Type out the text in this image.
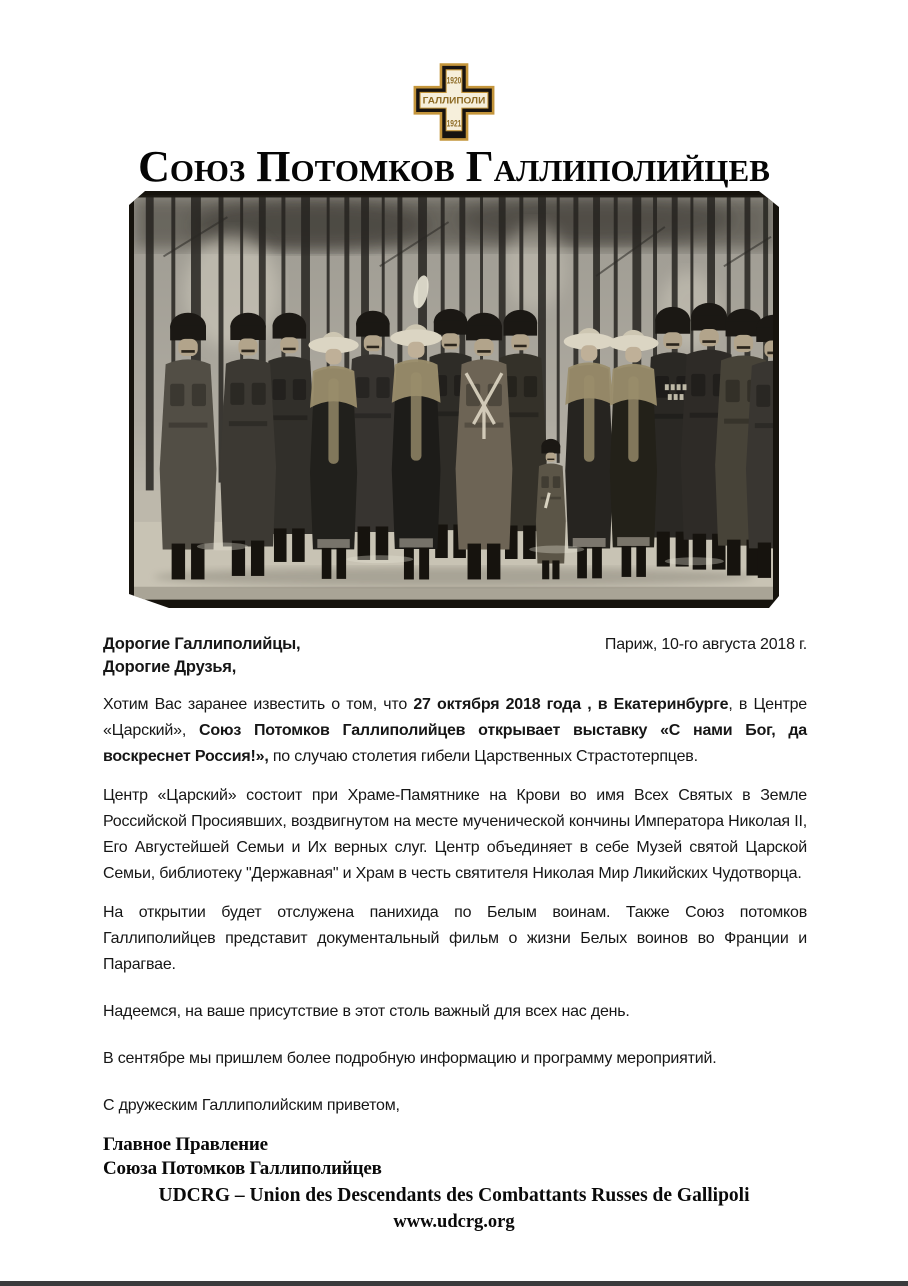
1920
ГАЛЛИПОЛИ
1921
Союз Потомков Галлиполийцев

Дорогие Галлиполийцы,

Дорогие Друзья,

Париж, 10-го августа 2018 г.

Хотим Вас заранее известить о том, что 27 октября 2018 года , в Екатеринбурге, в Центре «Царский», Союз Потомков Галлиполийцев открывает выставку «С нами Бог, да воскреснет Россия!», по случаю столетия гибели Царственных Страстотерпцев.

Центр «Царский» состоит при Храме-Памятнике на Крови во имя Всех Святых в Земле Российской Просиявших, воздвигнутом на месте мученической кончины Императора Николая II, Его Августейшей Семьи и Их верных слуг. Центр объединяет в себе Музей святой Царской Семьи, библиотеку "Державная" и Храм в честь святителя Николая Мир Ликийских Чудотворца.

На открытии будет отслужена панихида по Белым воинам. Также Союз потомков Галлиполийцев представит документальный фильм о жизни Белых воинов во Франции и Парагвае.

Надеемся, на ваше присутствие в этот столь важный для всех нас день.

В сентябре мы пришлем более подробную информацию и программу мероприятий.

С дружеским Галлиполийским приветом,

Главное Правление

Союза Потомков Галлиполийцев

UDCRG – Union des Descendants des Combattants Russes de Gallipoli
www.udcrg.org
